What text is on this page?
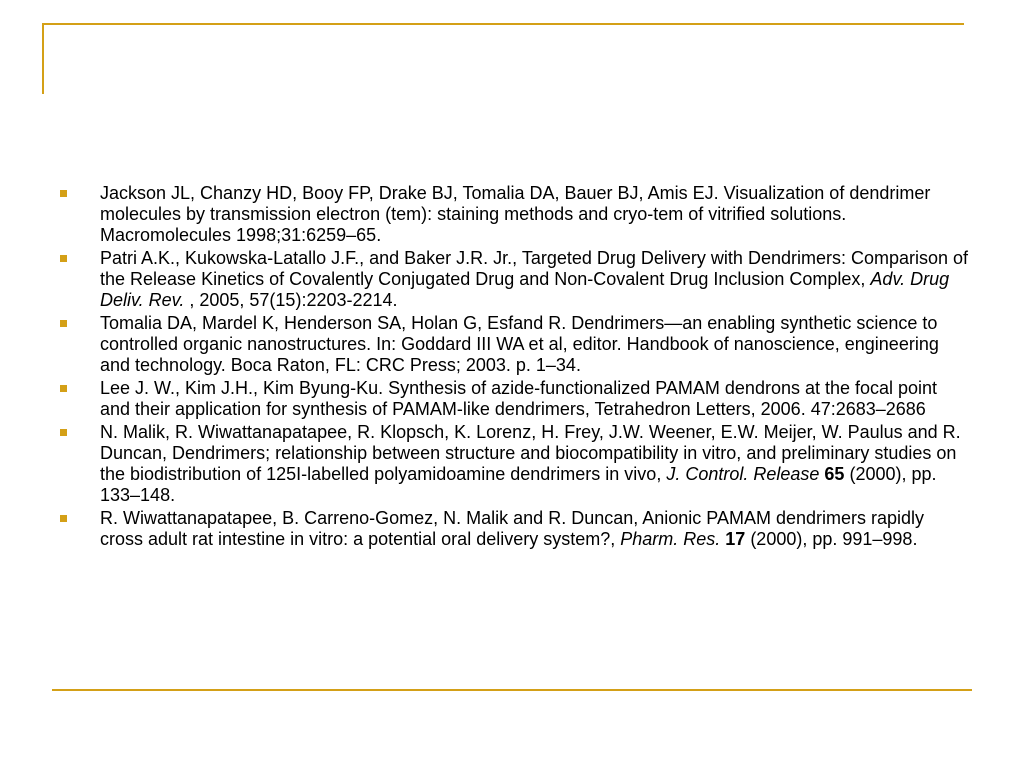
Jackson JL, Chanzy HD, Booy FP, Drake BJ, Tomalia DA, Bauer BJ, Amis EJ. Visualization of dendrimer molecules by transmission electron (tem): staining methods and cryo-tem of vitrified solutions. Macromolecules 1998;31:6259–65.
Patri A.K., Kukowska-Latallo J.F., and Baker J.R. Jr., Targeted Drug Delivery with Dendrimers: Comparison of the Release Kinetics of Covalently Conjugated Drug and Non-Covalent Drug Inclusion Complex, Adv. Drug Deliv. Rev. , 2005, 57(15):2203-2214.
Tomalia DA, Mardel K, Henderson SA, Holan G, Esfand R. Dendrimers—an enabling synthetic science to controlled organic nanostructures. In: Goddard III WA et al, editor. Handbook of nanoscience, engineering and technology. Boca Raton, FL: CRC Press; 2003. p. 1–34.
Lee J. W., Kim J.H., Kim Byung-Ku. Synthesis of azide-functionalized PAMAM dendrons at the focal point and their application for synthesis of PAMAM-like dendrimers, Tetrahedron Letters, 2006. 47:2683–2686
N. Malik, R. Wiwattanapatapee, R. Klopsch, K. Lorenz, H. Frey, J.W. Weener, E.W. Meijer, W. Paulus and R. Duncan, Dendrimers; relationship between structure and biocompatibility in vitro, and preliminary studies on the biodistribution of 125I-labelled polyamidoamine dendrimers in vivo, J. Control. Release 65 (2000), pp. 133–148.
R. Wiwattanapatapee, B. Carreno-Gomez, N. Malik and R. Duncan, Anionic PAMAM dendrimers rapidly cross adult rat intestine in vitro: a potential oral delivery system?, Pharm. Res. 17 (2000), pp. 991–998.
